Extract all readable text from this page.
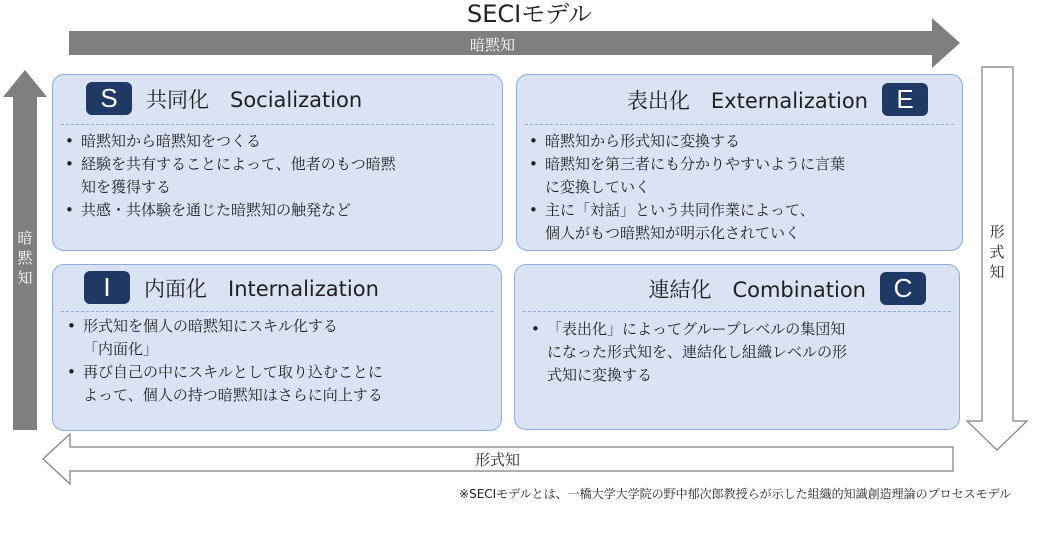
SECIモデル
暗黙知
暗
黙
知
形
式
知
形式知
S	共同化　Socialization
• 暗黙知から暗黙知をつくる
• 経験を共有することによって、他者のもつ暗黙
知を獲得する
• 共感・共体験を通じた暗黙知の触発など
表出化　Externalization	E
• 暗黙知から形式知に変換する
• 暗黙知を第三者にも分かりやすいように言葉
に変換していく
• 主に「対話」という共同作業によって、
個人がもつ暗黙知が明示化されていく
I	内面化　Internalization
• 形式知を個人の暗黙知にスキル化する
「内面化」
• 再び自己の中にスキルとして取り込むことに
よって、個人の持つ暗黙知はさらに向上する
連結化　Combination	C
• 「表出化」によってグループレベルの集団知
になった形式知を、連結化し組織レベルの形
式知に変換する
※SECIモデルとは、一橋大学大学院の野中郁次郎教授らが示した組織的知識創造理論のプロセスモデル
